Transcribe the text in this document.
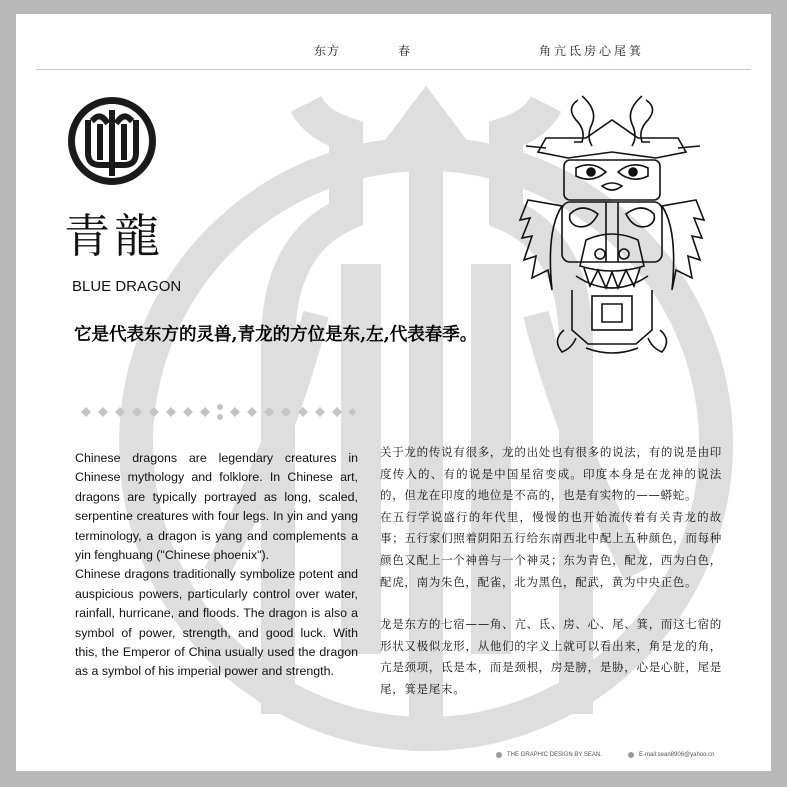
东方	春	角亢氐房心尾箕
青龍
BLUE DRAGON
它是代表东方的灵兽,青龙的方位是东,左,代表春季。

Chinese dragons are legendary creatures in Chinese mythology and folklore. In Chinese art, dragons are typically portrayed as long, scaled, serpentine creatures with four legs. In yin and yang terminology, a dragon is yang and complements a yin fenghuang ("Chinese phoenix").

Chinese dragons traditionally symbolize potent and auspicious powers, particularly control over water, rainfall, hurricane, and floods. The dragon is also a symbol of power, strength, and good luck. With this, the Emperor of China usually used the dragon as a symbol of his imperial power and strength.

关于龙的传说有很多，龙的出处也有很多的说法，有的说是由印度传入的、有的说是中国星宿变成。印度本身是在龙神的说法的，但龙在印度的地位是不高的，也是有实物的——蟒蛇。

在五行学说盛行的年代里，慢慢的也开始流传着有关青龙的故事；五行家们照着阴阳五行给东南西北中配上五种颜色，而每种颜色又配上一个神兽与一个神灵；东为青色，配龙，西为白色，配虎，南为朱色，配雀，北为黑色，配武，黄为中央正色。

龙是东方的七宿——角、亢、氐、房、心、尾、箕，而这七宿的形状又极似龙形，从他们的字义上就可以看出来，角是龙的角，亢是颈项，氐是本，而是颈根，房是膀，是胁，心是心脏，尾是尾，箕是尾末。

THE GRAPHIC DESIGN BY SEAN.	E-mail:sean8906@yahoo.cn
